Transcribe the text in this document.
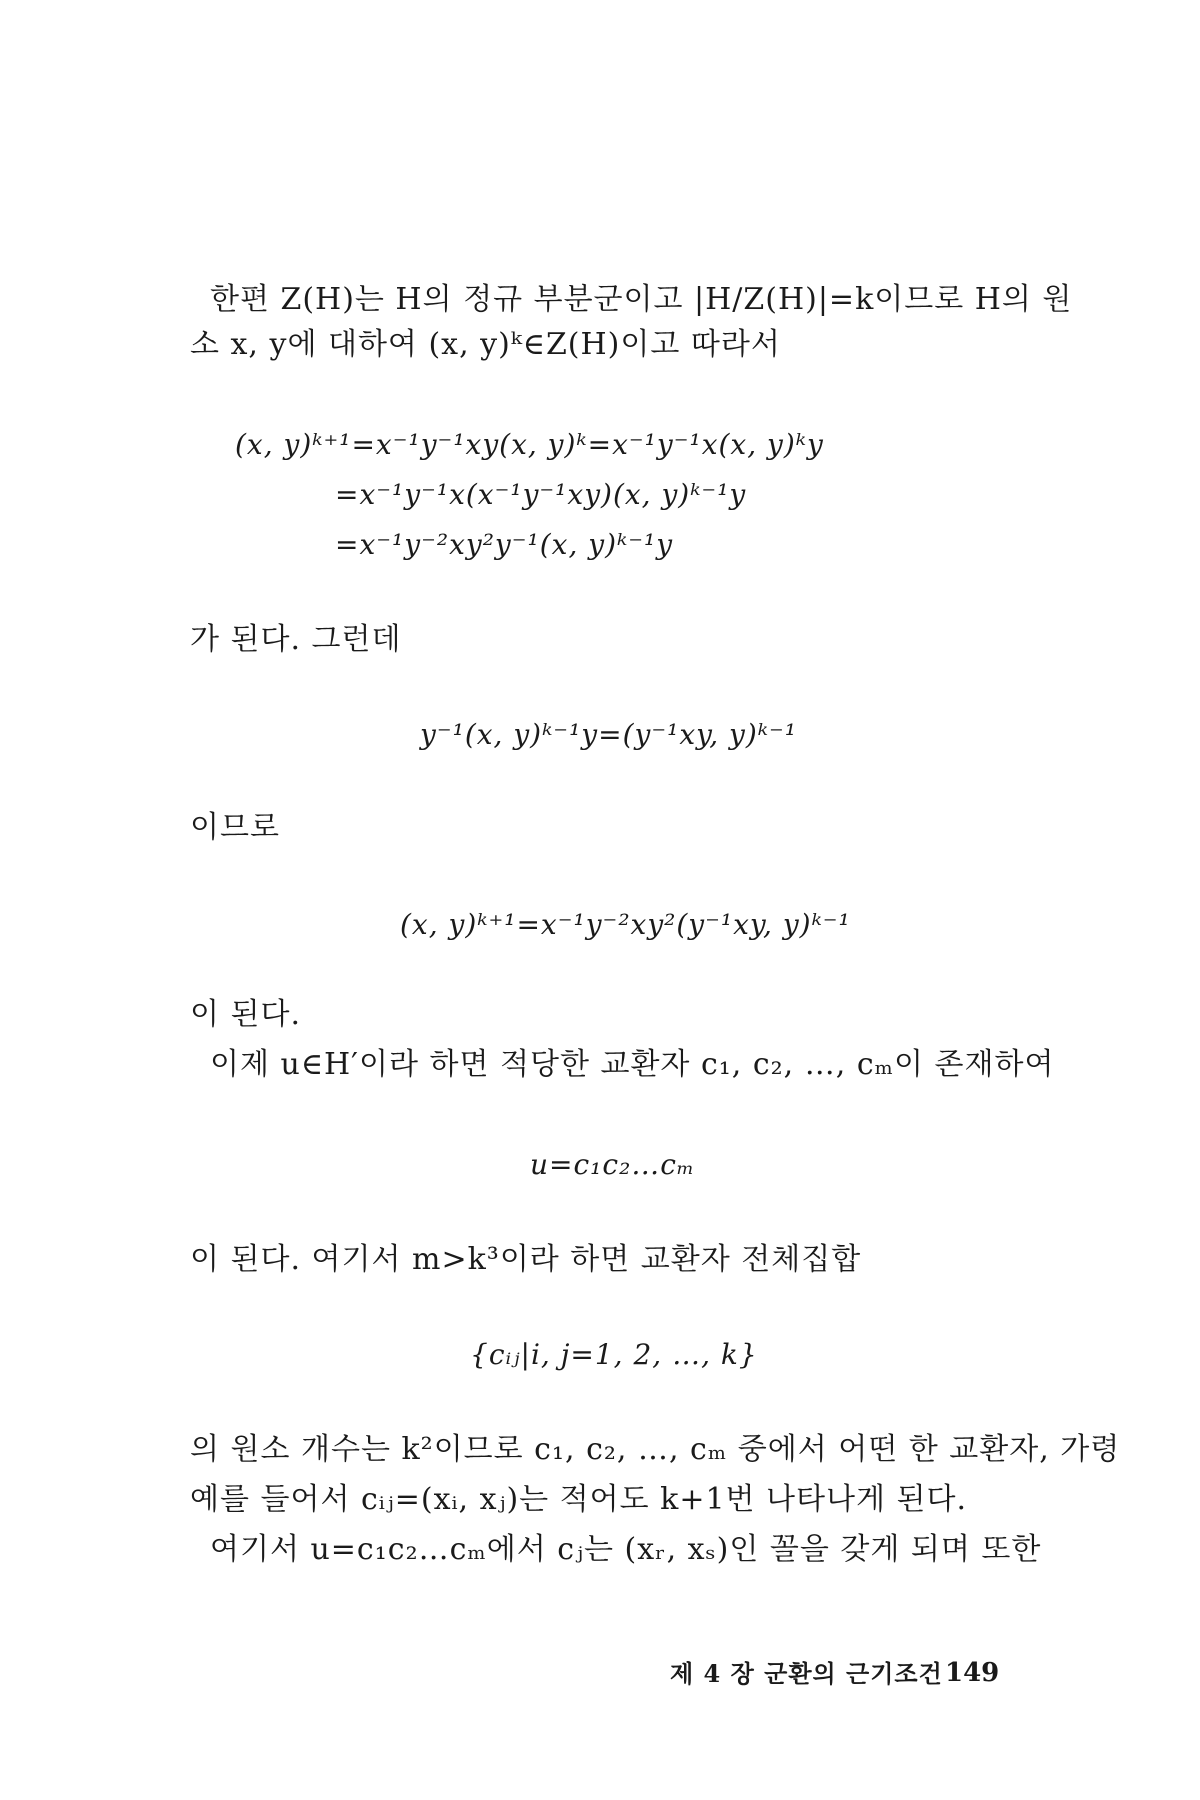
한편 Z(H)는 H의 정규 부분군이고 |H/Z(H)|=k이므로 H의 원
소 x, y에 대하여 (x, y)ᵏ∈Z(H)이고 따라서
(x, y)ᵏ⁺¹=x⁻¹y⁻¹xy(x, y)ᵏ=x⁻¹y⁻¹x(x, y)ᵏy
=x⁻¹y⁻¹x(x⁻¹y⁻¹xy)(x, y)ᵏ⁻¹y
=x⁻¹y⁻²xy²y⁻¹(x, y)ᵏ⁻¹y
가 된다. 그런데
y⁻¹(x, y)ᵏ⁻¹y=(y⁻¹xy, y)ᵏ⁻¹
이므로
(x, y)ᵏ⁺¹=x⁻¹y⁻²xy²(y⁻¹xy, y)ᵏ⁻¹
이 된다.
이제 u∈H′이라 하면 적당한 교환자 c₁, c₂, …, cₘ이 존재하여
u=c₁c₂…cₘ
이 된다. 여기서 m>k³이라 하면 교환자 전체집합
{cᵢⱼ|i, j=1, 2, …, k}
의 원소 개수는 k²이므로 c₁, c₂, …, cₘ 중에서 어떤 한 교환자, 가령
예를 들어서 cᵢⱼ=(xᵢ, xⱼ)는 적어도 k+1번 나타나게 된다.
여기서 u=c₁c₂…cₘ에서 cⱼ는 (xᵣ, xₛ)인 꼴을 갖게 되며 또한
제 4 장 군환의 근기조건 149
